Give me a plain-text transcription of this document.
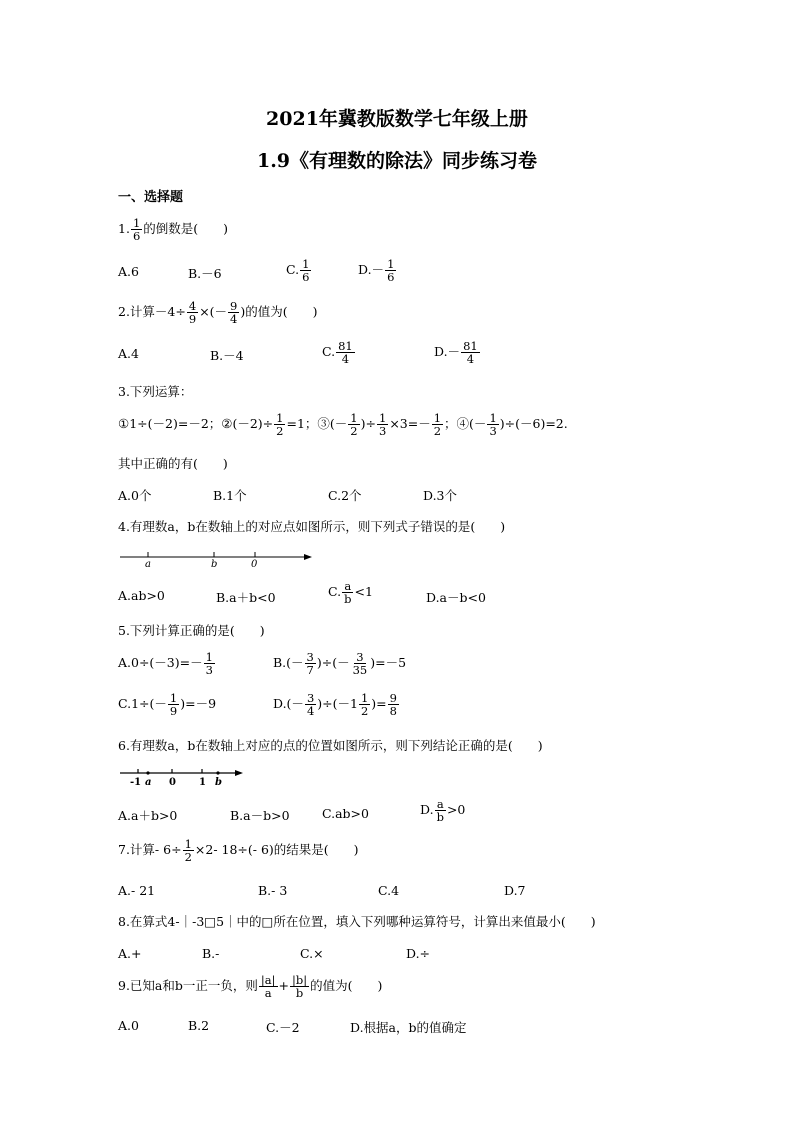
2021年冀教版数学七年级上册
1.9《有理数的除法》同步练习卷
一、选择题
1. $\frac{1}{6}$ 的倒数是(　　)
A.6	B.－6	C. $\frac{1}{6}$	$D.- \frac{1}{6}$
2.计算$-4\div \frac{4}{9}$ ×(－ $\frac{9}{4}$ )的值为(　　)
A.4	B.－4	C. $\frac{81}{4}$	$D.- \frac{81}{4}$
3.下列运算：
①1÷(－2)=－2；②(－2)÷ $\frac{1}{2} =1$；③(－ $\frac{1}{2}$ )÷ $\frac{1}{3} \times 3=- \frac{1}{2}$ ；④(－ $\frac{1}{3} )\div(-6)=2$.
其中正确的有(　　)
A.0个	B.1个	C.2个	D.3个
4.有理数a，b在数轴上的对应点如图所示，则下列式子错误的是(　　)
a	b	0
A.ab>0	B.a＋b<0	C. $\frac{a}{b} <1$	D.a－b<0
5.下列计算正确的是(　　)
$A.0\div(-3)=- \frac{1}{3}$	$B.(- \frac{3}{7}$ )÷(－ $\frac{3}{35} )=-5$
$C.1\div(- \frac{1}{9} )=-9$	$D.(- \frac{3}{4} )\div(-1 \frac{1}{2}$ )= $\frac{9}{8}$
6.有理数a，b在数轴上对应的点的位置如图所示，则下列结论正确的是(　　)
-1 a 0 1 b
A.a＋b>0	B.a－b>0	C.ab>0	D. $\frac{a}{b} >0$
7.计算- $6\div \frac{1}{2} \times 2-$ 18÷(- 6)的结果是(　　)
A.- 21	B.- 3	C.4	D.7
8.在算式4-｜-3□5｜中的□所在位置，填入下列哪种运算符号，计算出来值最小(　　)
A.+	B.-	C.×	D.÷
9.已知a和b一正一负，则 $\frac{|a|}{a} + \frac{|b|}{b}$ 的值为(　　)
A.0	B.2	C.－2	D.根据a，b的值确定
